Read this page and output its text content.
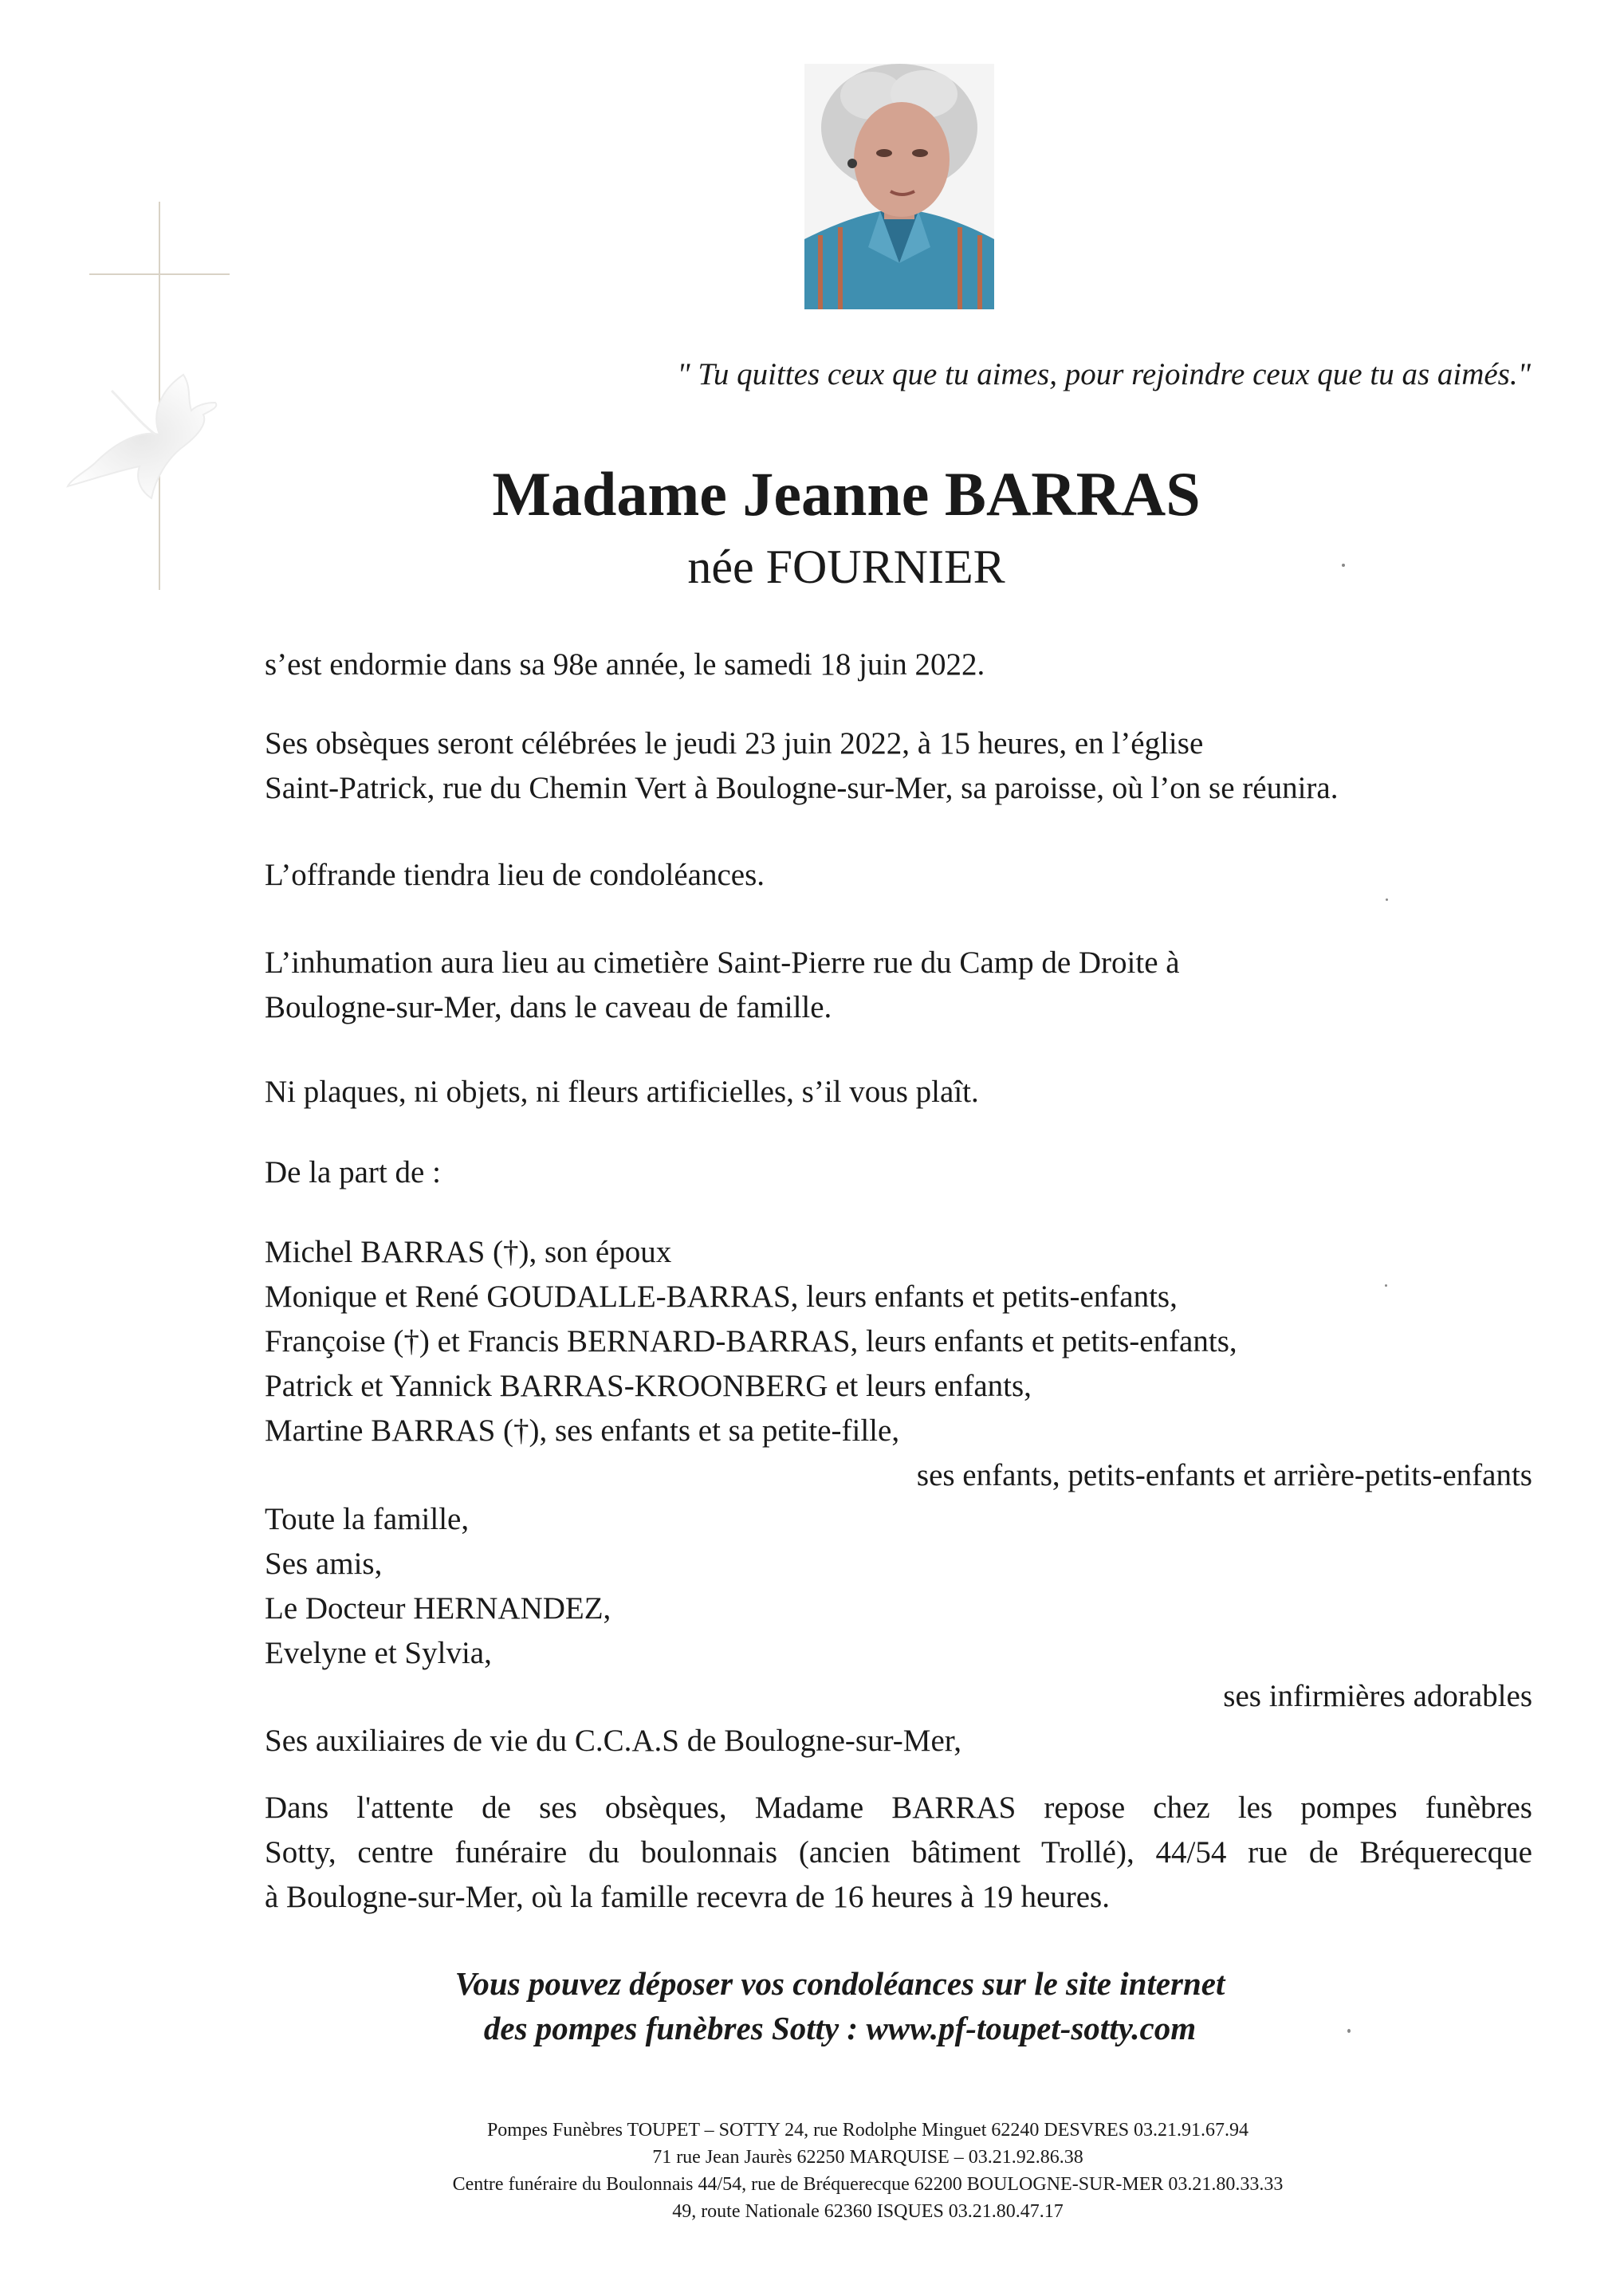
" Tu quittes ceux que tu aimes, pour rejoindre ceux que tu as aimés."
Madame Jeanne BARRAS
née FOURNIER
s’est endormie dans sa 98e année, le samedi 18 juin 2022.
Ses obsèques seront célébrées le jeudi 23 juin 2022, à 15 heures, en l’église
Saint-Patrick, rue du Chemin Vert à Boulogne-sur-Mer, sa paroisse, où l’on se réunira.
L’offrande tiendra lieu de condoléances.
L’inhumation aura lieu au cimetière Saint-Pierre rue du Camp de Droite à
Boulogne-sur-Mer, dans le caveau de famille.
Ni plaques, ni objets, ni fleurs artificielles, s’il vous plaît.
De la part de :
Michel BARRAS (†), son époux
Monique et René GOUDALLE-BARRAS, leurs enfants et petits-enfants,
Françoise (†) et Francis BERNARD-BARRAS, leurs enfants et petits-enfants,
Patrick et Yannick BARRAS-KROONBERG et leurs enfants,
Martine BARRAS (†), ses enfants et sa petite-fille,
ses enfants, petits-enfants et arrière-petits-enfants
Toute la famille,
Ses amis,
Le Docteur HERNANDEZ,
Evelyne et Sylvia,
ses infirmières adorables
Ses auxiliaires de vie du C.C.A.S de Boulogne-sur-Mer,
Dans l'attente de ses obsèques, Madame BARRAS repose chez les pompes funèbres
Sotty, centre funéraire du boulonnais (ancien bâtiment Trollé), 44/54 rue de Bréquerecque
à Boulogne-sur-Mer, où la famille recevra de 16 heures à 19 heures.
Vous pouvez déposer vos condoléances sur le site internet
des pompes funèbres Sotty : www.pf-toupet-sotty.com
Pompes Funèbres TOUPET – SOTTY 24, rue Rodolphe Minguet 62240 DESVRES 03.21.91.67.94
71 rue Jean Jaurès 62250 MARQUISE – 03.21.92.86.38
Centre funéraire du Boulonnais 44/54, rue de Bréquerecque 62200 BOULOGNE-SUR-MER 03.21.80.33.33
49, route Nationale 62360 ISQUES 03.21.80.47.17
